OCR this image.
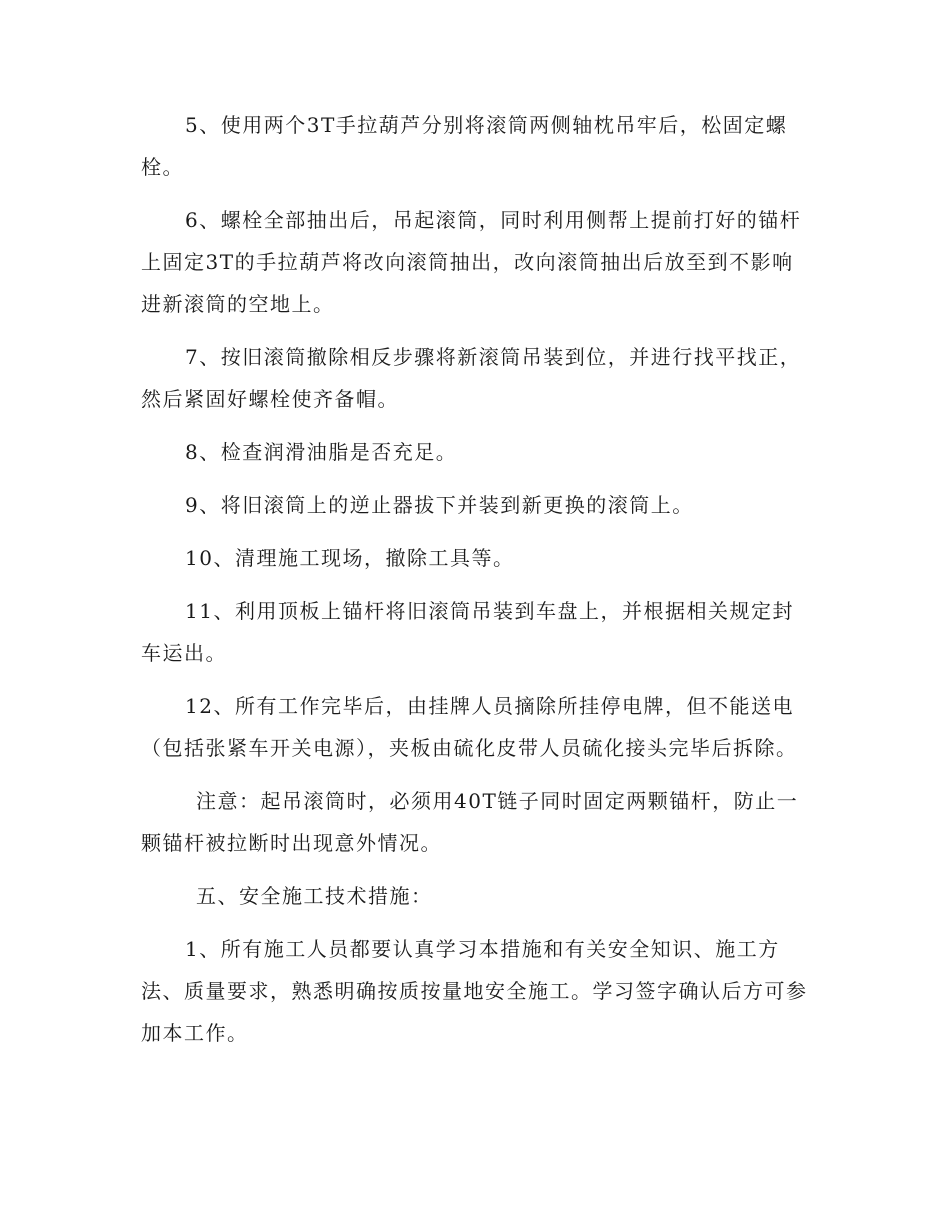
5、使用两个3T手拉葫芦分别将滚筒两侧轴枕吊牢后，松固定螺栓。

6、螺栓全部抽出后，吊起滚筒，同时利用侧帮上提前打好的锚杆上固定3T的手拉葫芦将改向滚筒抽出，改向滚筒抽出后放至到不影响进新滚筒的空地上。

7、按旧滚筒撤除相反步骤将新滚筒吊装到位，并进行找平找正，然后紧固好螺栓使齐备帽。

8、检查润滑油脂是否充足。

9、将旧滚筒上的逆止器拔下并装到新更换的滚筒上。

10、清理施工现场，撤除工具等。

11、利用顶板上锚杆将旧滚筒吊装到车盘上，并根据相关规定封车运出。

12、所有工作完毕后，由挂牌人员摘除所挂停电牌，但不能送电（包括张紧车开关电源），夹板由硫化皮带人员硫化接头完毕后拆除。

注意：起吊滚筒时，必须用40T链子同时固定两颗锚杆，防止一颗锚杆被拉断时出现意外情况。

五、安全施工技术措施：

1、所有施工人员都要认真学习本措施和有关安全知识、施工方法、质量要求，熟悉明确按质按量地安全施工。学习签字确认后方可参加本工作。
